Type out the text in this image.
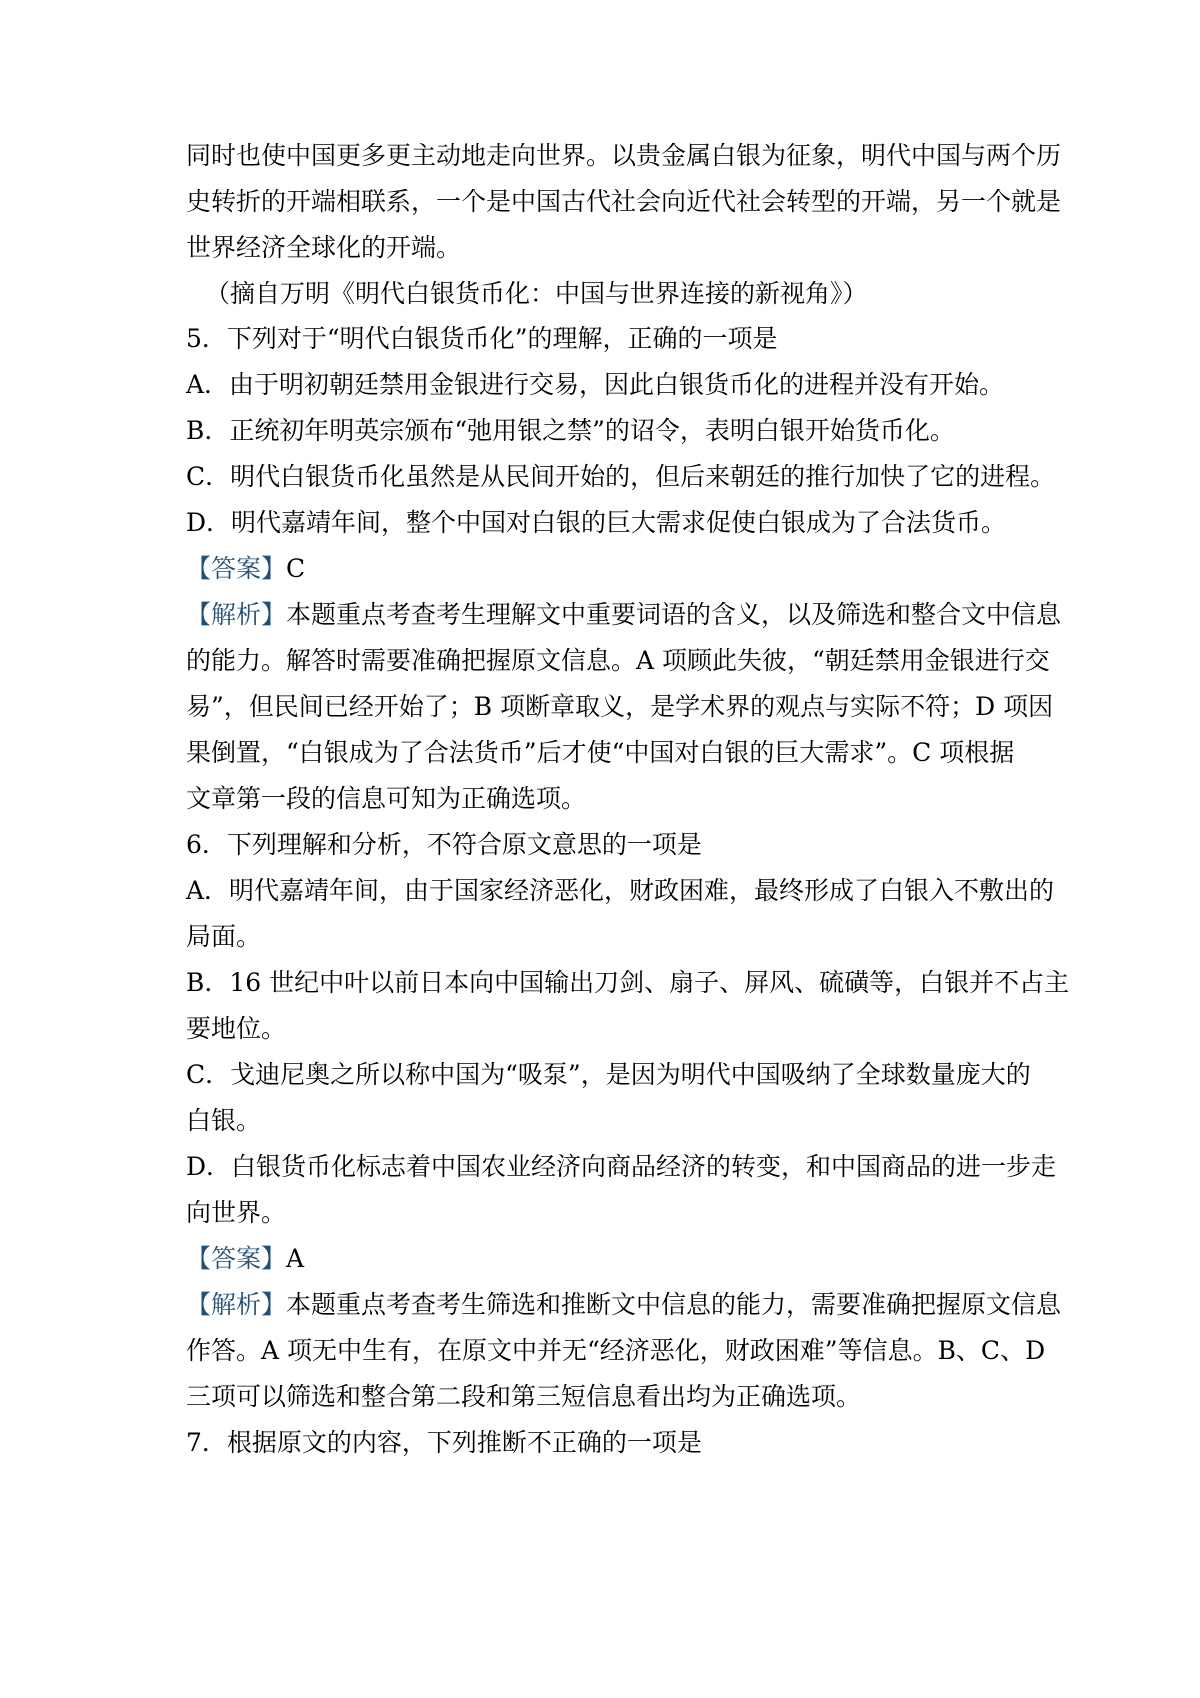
同时也使中国更多更主动地走向世界。以贵金属白银为征象，明代中国与两个历
史转折的开端相联系，一个是中国古代社会向近代社会转型的开端，另一个就是
世界经济全球化的开端。
（摘自万明《明代白银货币化：中国与世界连接的新视角》）
5．下列对于“明代白银货币化”的理解，正确的一项是
A．由于明初朝廷禁用金银进行交易，因此白银货币化的进程并没有开始。
B．正统初年明英宗颁布“弛用银之禁”的诏令，表明白银开始货币化。
C．明代白银货币化虽然是从民间开始的，但后来朝廷的推行加快了它的进程。
D．明代嘉靖年间，整个中国对白银的巨大需求促使白银成为了合法货币。
【答案】C
【解析】本题重点考查考生理解文中重要词语的含义，以及筛选和整合文中信息
的能力。解答时需要准确把握原文信息。A 项顾此失彼，“朝廷禁用金银进行交
易”，但民间已经开始了；B 项断章取义，是学术界的观点与实际不符；D 项因
果倒置，“白银成为了合法货币”后才使“中国对白银的巨大需求”。C 项根据
文章第一段的信息可知为正确选项。
6．下列理解和分析，不符合原文意思的一项是
A．明代嘉靖年间，由于国家经济恶化，财政困难，最终形成了白银入不敷出的
局面。
B．16 世纪中叶以前日本向中国输出刀剑、扇子、屏风、硫磺等，白银并不占主
要地位。
C．戈迪尼奥之所以称中国为“吸泵”，是因为明代中国吸纳了全球数量庞大的
白银。
D．白银货币化标志着中国农业经济向商品经济的转变，和中国商品的进一步走
向世界。
【答案】A
【解析】本题重点考查考生筛选和推断文中信息的能力，需要准确把握原文信息
作答。A 项无中生有，在原文中并无“经济恶化，财政困难”等信息。B、C、D
三项可以筛选和整合第二段和第三短信息看出均为正确选项。
7．根据原文的内容，下列推断不正确的一项是
